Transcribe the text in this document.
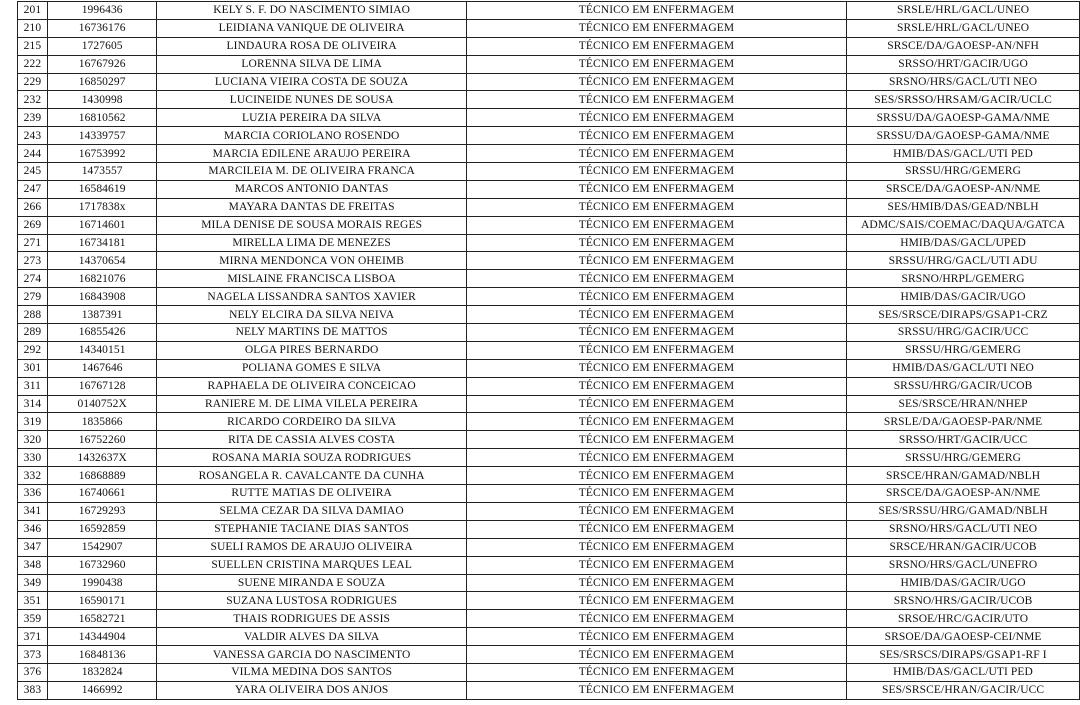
201	1996436	KELY S. F. DO NASCIMENTO SIMIAO	TÉCNICO EM ENFERMAGEM	SRSLE/HRL/GACL/UNEO
210	16736176	LEIDIANA VANIQUE DE OLIVEIRA	TÉCNICO EM ENFERMAGEM	SRSLE/HRL/GACL/UNEO
215	1727605	LINDAURA ROSA DE OLIVEIRA	TÉCNICO EM ENFERMAGEM	SRSCE/DA/GAOESP-AN/NFH
222	16767926	LORENNA SILVA DE LIMA	TÉCNICO EM ENFERMAGEM	SRSSO/HRT/GACIR/UGO
229	16850297	LUCIANA VIEIRA COSTA DE SOUZA	TÉCNICO EM ENFERMAGEM	SRSNO/HRS/GACL/UTI NEO
232	1430998	LUCINEIDE NUNES DE SOUSA	TÉCNICO EM ENFERMAGEM	SES/SRSSO/HRSAM/GACIR/UCLC
239	16810562	LUZIA PEREIRA DA SILVA	TÉCNICO EM ENFERMAGEM	SRSSU/DA/GAOESP-GAMA/NME
243	14339757	MARCIA CORIOLANO ROSENDO	TÉCNICO EM ENFERMAGEM	SRSSU/DA/GAOESP-GAMA/NME
244	16753992	MARCIA EDILENE ARAUJO PEREIRA	TÉCNICO EM ENFERMAGEM	HMIB/DAS/GACL/UTI PED
245	1473557	MARCILEIA M. DE OLIVEIRA FRANCA	TÉCNICO EM ENFERMAGEM	SRSSU/HRG/GEMERG
247	16584619	MARCOS ANTONIO DANTAS	TÉCNICO EM ENFERMAGEM	SRSCE/DA/GAOESP-AN/NME
266	1717838x	MAYARA DANTAS DE FREITAS	TÉCNICO EM ENFERMAGEM	SES/HMIB/DAS/GEAD/NBLH
269	16714601	MILA DENISE DE SOUSA MORAIS REGES	TÉCNICO EM ENFERMAGEM	ADMC/SAIS/COEMAC/DAQUA/GATCA
271	16734181	MIRELLA LIMA DE MENEZES	TÉCNICO EM ENFERMAGEM	HMIB/DAS/GACL/UPED
273	14370654	MIRNA MENDONCA VON OHEIMB	TÉCNICO EM ENFERMAGEM	SRSSU/HRG/GACL/UTI ADU
274	16821076	MISLAINE FRANCISCA LISBOA	TÉCNICO EM ENFERMAGEM	SRSNO/HRPL/GEMERG
279	16843908	NAGELA LISSANDRA SANTOS XAVIER	TÉCNICO EM ENFERMAGEM	HMIB/DAS/GACIR/UGO
288	1387391	NELY ELCIRA DA SILVA NEIVA	TÉCNICO EM ENFERMAGEM	SES/SRSCE/DIRAPS/GSAP1-CRZ
289	16855426	NELY MARTINS DE MATTOS	TÉCNICO EM ENFERMAGEM	SRSSU/HRG/GACIR/UCC
292	14340151	OLGA PIRES BERNARDO	TÉCNICO EM ENFERMAGEM	SRSSU/HRG/GEMERG
301	1467646	POLIANA GOMES E SILVA	TÉCNICO EM ENFERMAGEM	HMIB/DAS/GACL/UTI NEO
311	16767128	RAPHAELA DE OLIVEIRA CONCEICAO	TÉCNICO EM ENFERMAGEM	SRSSU/HRG/GACIR/UCOB
314	0140752X	RANIERE M. DE LIMA VILELA PEREIRA	TÉCNICO EM ENFERMAGEM	SES/SRSCE/HRAN/NHEP
319	1835866	RICARDO CORDEIRO DA SILVA	TÉCNICO EM ENFERMAGEM	SRSLE/DA/GAOESP-PAR/NME
320	16752260	RITA DE CASSIA ALVES COSTA	TÉCNICO EM ENFERMAGEM	SRSSO/HRT/GACIR/UCC
330	1432637X	ROSANA MARIA SOUZA RODRIGUES	TÉCNICO EM ENFERMAGEM	SRSSU/HRG/GEMERG
332	16868889	ROSANGELA R. CAVALCANTE DA CUNHA	TÉCNICO EM ENFERMAGEM	SRSCE/HRAN/GAMAD/NBLH
336	16740661	RUTTE MATIAS DE OLIVEIRA	TÉCNICO EM ENFERMAGEM	SRSCE/DA/GAOESP-AN/NME
341	16729293	SELMA CEZAR DA SILVA DAMIAO	TÉCNICO EM ENFERMAGEM	SES/SRSSU/HRG/GAMAD/NBLH
346	16592859	STEPHANIE TACIANE DIAS SANTOS	TÉCNICO EM ENFERMAGEM	SRSNO/HRS/GACL/UTI NEO
347	1542907	SUELI RAMOS DE ARAUJO OLIVEIRA	TÉCNICO EM ENFERMAGEM	SRSCE/HRAN/GACIR/UCOB
348	16732960	SUELLEN CRISTINA MARQUES LEAL	TÉCNICO EM ENFERMAGEM	SRSNO/HRS/GACL/UNEFRO
349	1990438	SUENE MIRANDA E SOUZA	TÉCNICO EM ENFERMAGEM	HMIB/DAS/GACIR/UGO
351	16590171	SUZANA LUSTOSA RODRIGUES	TÉCNICO EM ENFERMAGEM	SRSNO/HRS/GACIR/UCOB
359	16582721	THAIS RODRIGUES DE ASSIS	TÉCNICO EM ENFERMAGEM	SRSOE/HRC/GACIR/UTO
371	14344904	VALDIR ALVES DA SILVA	TÉCNICO EM ENFERMAGEM	SRSOE/DA/GAOESP-CEI/NME
373	16848136	VANESSA GARCIA DO NASCIMENTO	TÉCNICO EM ENFERMAGEM	SES/SRSCS/DIRAPS/GSAP1-RF I
376	1832824	VILMA MEDINA DOS SANTOS	TÉCNICO EM ENFERMAGEM	HMIB/DAS/GACL/UTI PED
383	1466992	YARA OLIVEIRA DOS ANJOS	TÉCNICO EM ENFERMAGEM	SES/SRSCE/HRAN/GACIR/UCC
